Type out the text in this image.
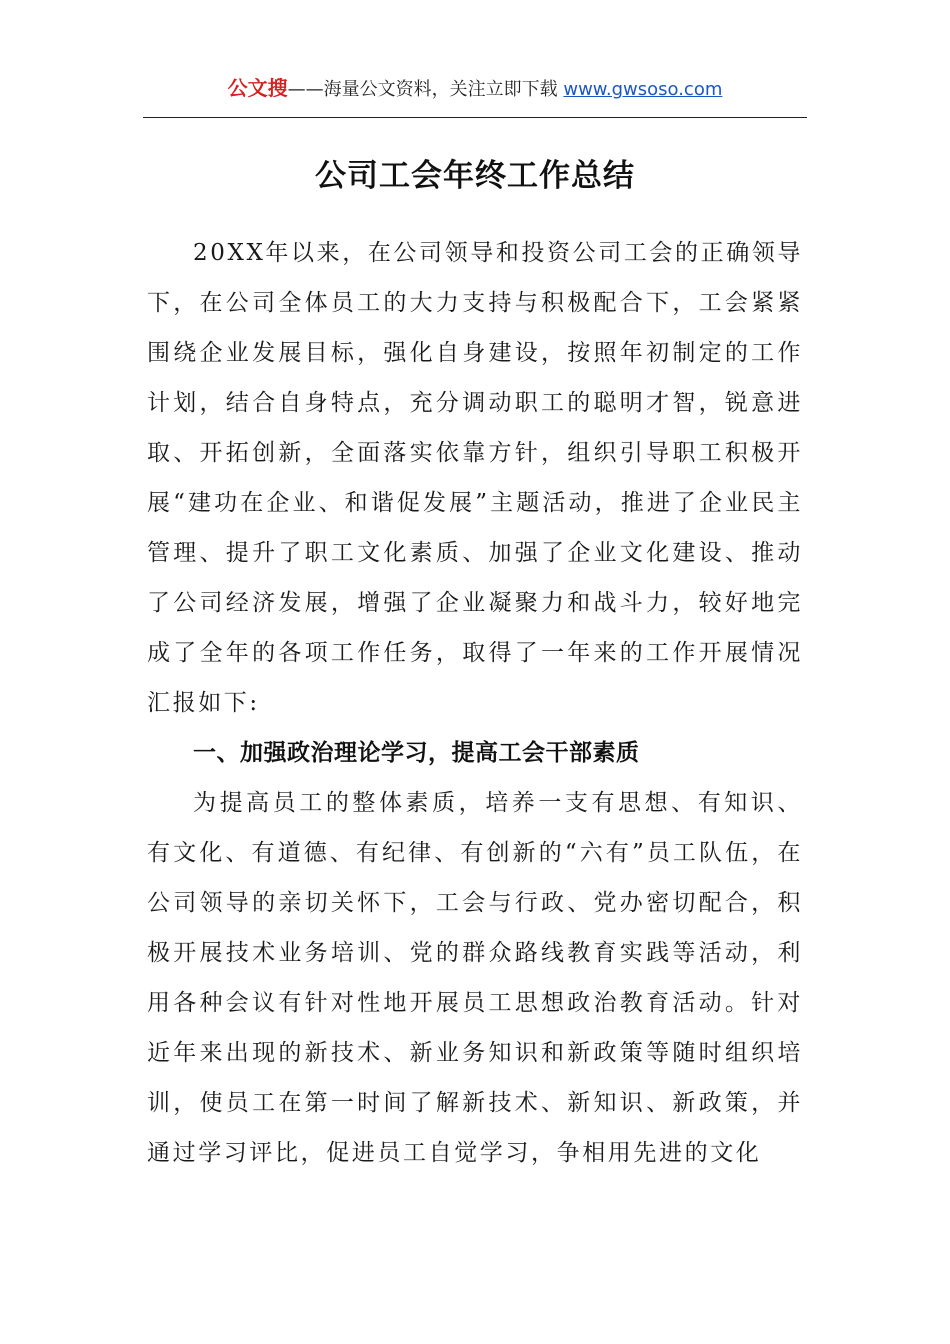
公文搜——海量公文资料，关注立即下载 www.gwsoso.com
公司工会年终工作总结

20XX年以来，在公司领导和投资公司工会的正确领导下，在公司全体员工的大力支持与积极配合下，工会紧紧围绕企业发展目标，强化自身建设，按照年初制定的工作计划，结合自身特点，充分调动职工的聪明才智，锐意进取、开拓创新，全面落实依靠方针，组织引导职工积极开展“建功在企业、和谐促发展”主题活动，推进了企业民主管理、提升了职工文化素质、加强了企业文化建设、推动了公司经济发展，增强了企业凝聚力和战斗力，较好地完成了全年的各项工作任务，取得了一年来的工作开展情况汇报如下:

一、加强政治理论学习，提高工会干部素质

为提高员工的整体素质，培养一支有思想、有知识、有文化、有道德、有纪律、有创新的“六有”员工队伍，在公司领导的亲切关怀下，工会与行政、党办密切配合，积极开展技术业务培训、党的群众路线教育实践等活动，利用各种会议有针对性地开展员工思想政治教育活动。针对近年来出现的新技术、新业务知识和新政策等随时组织培训，使员工在第一时间了解新技术、新知识、新政策，并通过学习评比，促进员工自觉学习，争相用先进的文化
